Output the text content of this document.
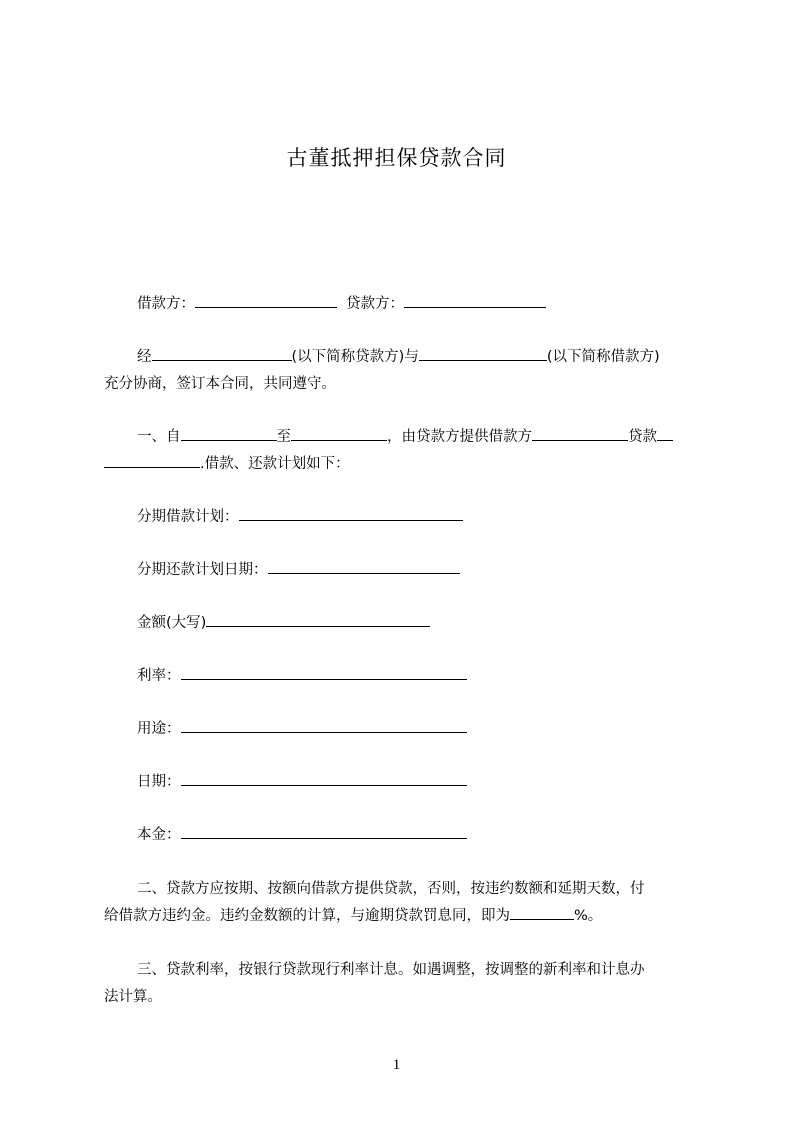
古董抵押担保贷款合同
借款方：	贷款方：
经	(以下简称贷款方)与	(以下简称借款方)
充分协商，签订本合同，共同遵守。
一、自	至	，由贷款方提供借款方	贷款
.借款、还款计划如下：
分期借款计划：
分期还款计划日期：
金额(大写)
利率：
用途：
日期：
本金：
二、贷款方应按期、按额向借款方提供贷款，否则，按违约数额和延期天数，付
给借款方违约金。违约金数额的计算，与逾期贷款罚息同，即为	%。
三、贷款利率，按银行贷款现行利率计息。如遇调整，按调整的新利率和计息办
法计算。
1
